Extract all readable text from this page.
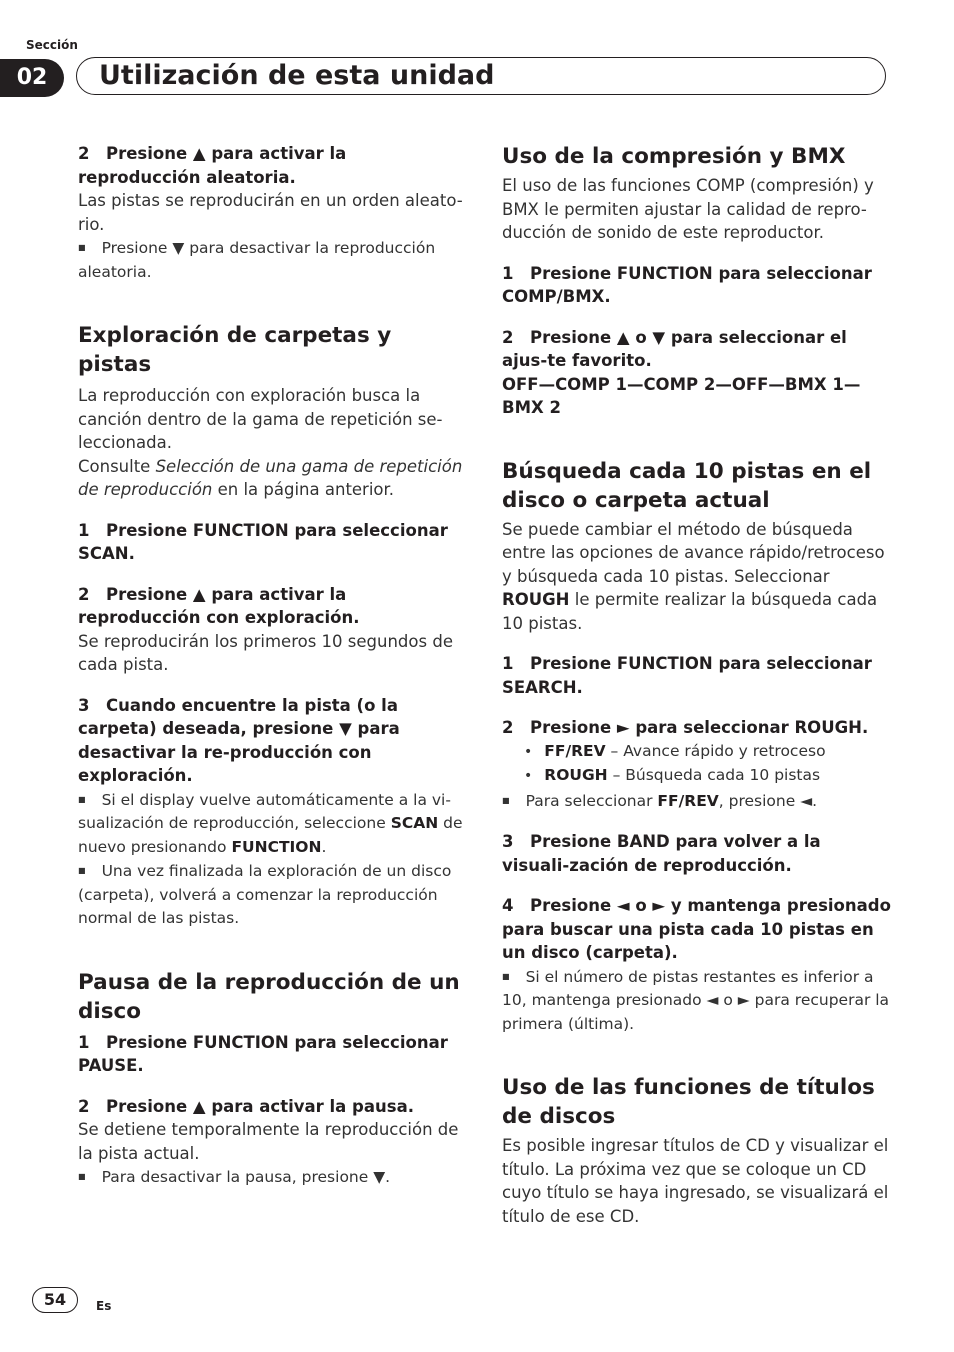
Sección
02	Utilización de esta unidad

2 Presione ▲ para activar la reproducción aleatoria.

Las pistas se reproducirán en un orden aleato-rio.

■ Presione ▼ para desactivar la reproducción aleatoria.

Exploración de carpetas y pistas

La reproducción con exploración busca la canción dentro de la gama de repetición se-leccionada.

Consulte Selección de una gama de repetición de reproducción en la página anterior.

1 Presione FUNCTION para seleccionar SCAN.

2 Presione ▲ para activar la reproducción con exploración.

Se reproducirán los primeros 10 segundos de cada pista.

3 Cuando encuentre la pista (o la carpeta) deseada, presione ▼ para desactivar la re-producción con exploración.

■ Si el display vuelve automáticamente a la vi-sualización de reproducción, seleccione SCAN de nuevo presionando FUNCTION.

■ Una vez finalizada la exploración de un disco (carpeta), volverá a comenzar la reproducción normal de las pistas.

Pausa de la reproducción de un disco

1 Presione FUNCTION para seleccionar PAUSE.

2 Presione ▲ para activar la pausa.

Se detiene temporalmente la reproducción de la pista actual.

■ Para desactivar la pausa, presione ▼.

Uso de la compresión y BMX

El uso de las funciones COMP (compresión) y BMX le permiten ajustar la calidad de repro-ducción de sonido de este reproductor.

1 Presione FUNCTION para seleccionar COMP/BMX.

2 Presione ▲ o ▼ para seleccionar el ajus-te favorito.

OFF—COMP 1—COMP 2—OFF—BMX 1—BMX 2

Búsqueda cada 10 pistas en el disco o carpeta actual

Se puede cambiar el método de búsqueda entre las opciones de avance rápido/retroceso y búsqueda cada 10 pistas. Seleccionar ROUGH le permite realizar la búsqueda cada 10 pistas.

1 Presione FUNCTION para seleccionar SEARCH.

2 Presione ► para seleccionar ROUGH.

• FF/REV – Avance rápido y retroceso

• ROUGH – Búsqueda cada 10 pistas

■ Para seleccionar FF/REV, presione ◄.

3 Presione BAND para volver a la visuali-zación de reproducción.

4 Presione ◄ o ► y mantenga presionado para buscar una pista cada 10 pistas en un disco (carpeta).

■ Si el número de pistas restantes es inferior a 10, mantenga presionado ◄ o ► para recuperar la primera (última).

Uso de las funciones de títulos de discos

Es posible ingresar títulos de CD y visualizar el título. La próxima vez que se coloque un CD cuyo título se haya ingresado, se visualizará el título de ese CD.

54	Es
